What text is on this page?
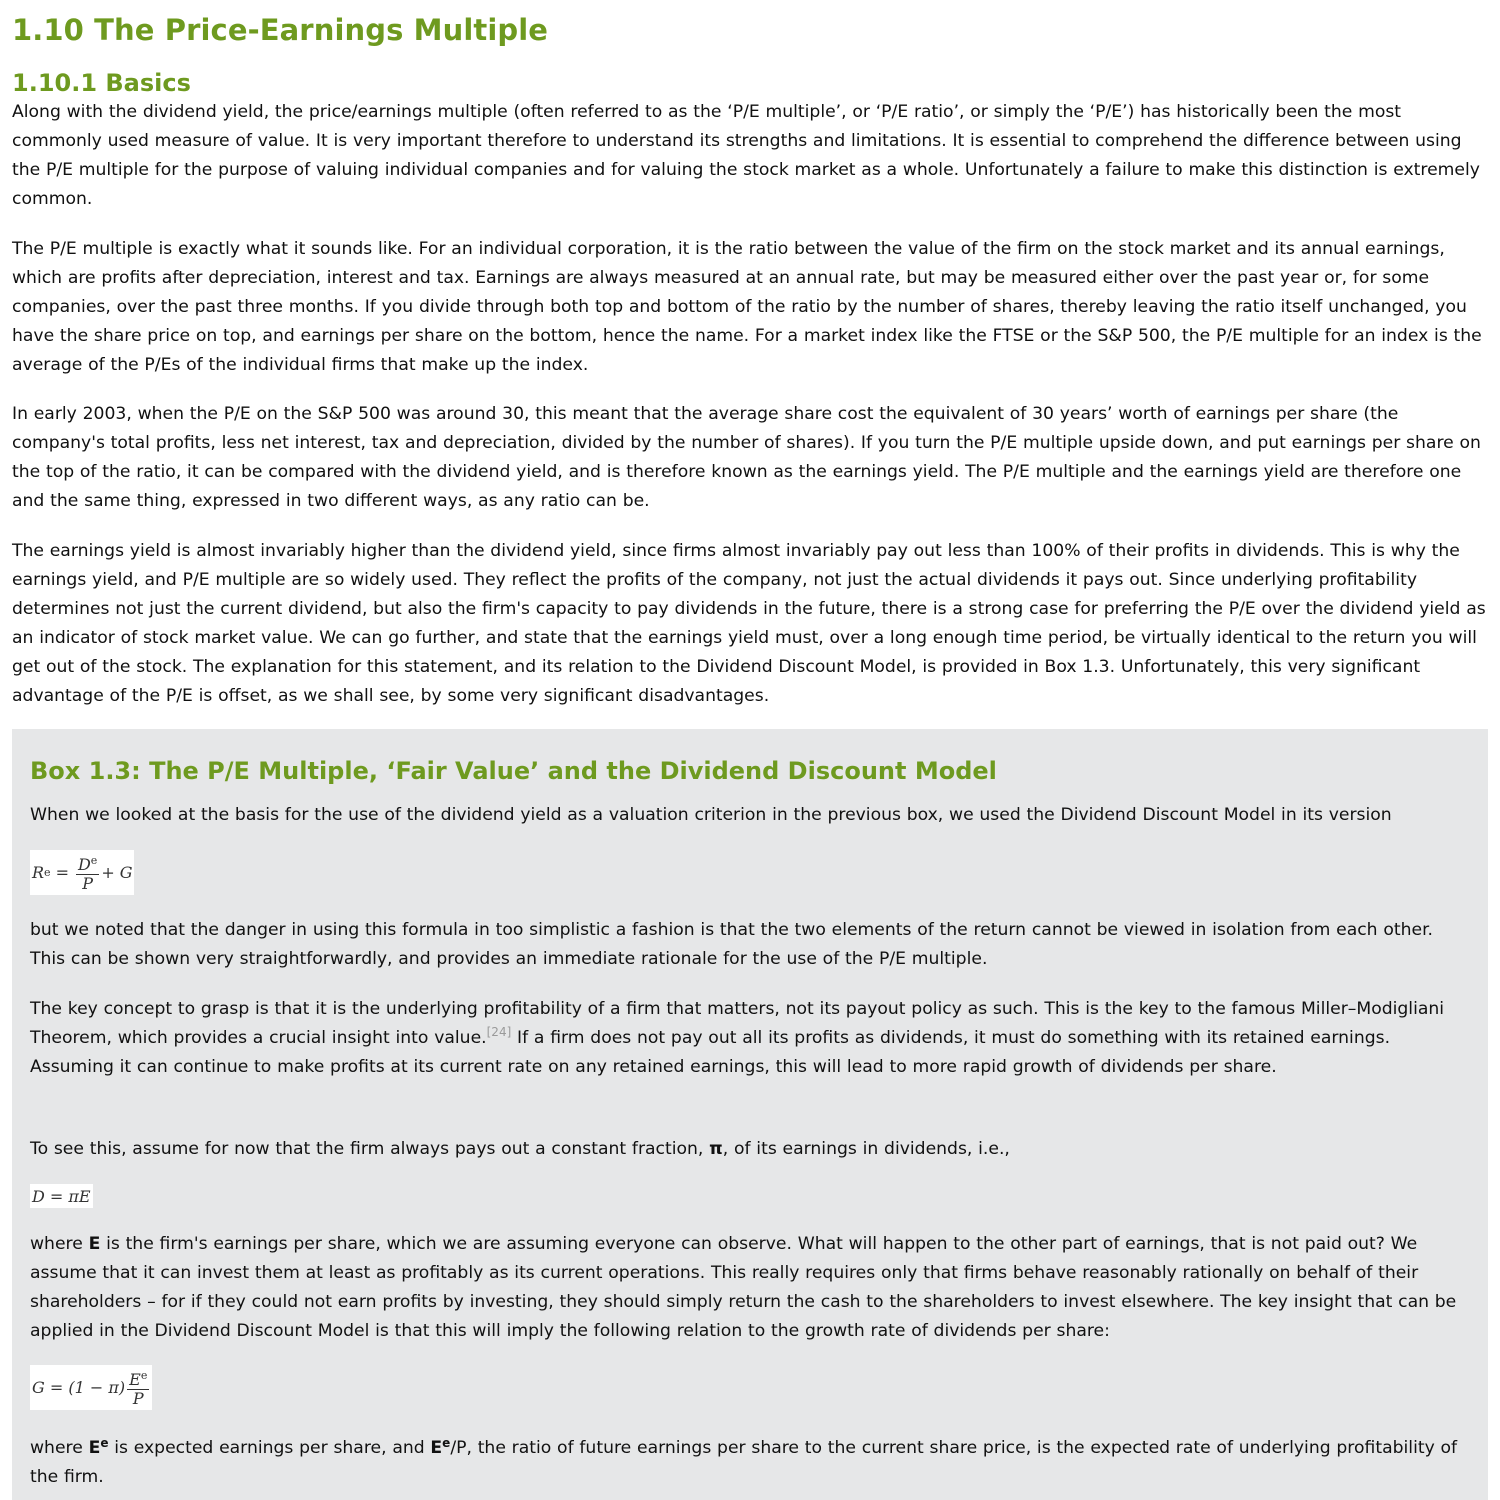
1.10 The Price-Earnings Multiple
1.10.1 Basics

Along with the dividend yield, the price/earnings multiple (often referred to as the ‘P/E multiple’, or ‘P/E ratio’, or simply the ‘P/E’) has historically been the most commonly used measure of value. It is very important therefore to understand its strengths and limitations. It is essential to comprehend the difference between using the P/E multiple for the purpose of valuing individual companies and for valuing the stock market as a whole. Unfortunately a failure to make this distinction is extremely common.

The P/E multiple is exactly what it sounds like. For an individual corporation, it is the ratio between the value of the firm on the stock market and its annual earnings, which are profits after depreciation, interest and tax. Earnings are always measured at an annual rate, but may be measured either over the past year or, for some companies, over the past three months. If you divide through both top and bottom of the ratio by the number of shares, thereby leaving the ratio itself unchanged, you have the share price on top, and earnings per share on the bottom, hence the name. For a market index like the FTSE or the S&P 500, the P/E multiple for an index is the average of the P/Es of the individual firms that make up the index.

In early 2003, when the P/E on the S&P 500 was around 30, this meant that the average share cost the equivalent of 30 years’ worth of earnings per share (the company's total profits, less net interest, tax and depreciation, divided by the number of shares). If you turn the P/E multiple upside down, and put earnings per share on the top of the ratio, it can be compared with the dividend yield, and is therefore known as the earnings yield. The P/E multiple and the earnings yield are therefore one and the same thing, expressed in two different ways, as any ratio can be.

The earnings yield is almost invariably higher than the dividend yield, since firms almost invariably pay out less than 100% of their profits in dividends. This is why the earnings yield, and P/E multiple are so widely used. They reflect the profits of the company, not just the actual dividends it pays out. Since underlying profitability determines not just the current dividend, but also the firm's capacity to pay dividends in the future, there is a strong case for preferring the P/E over the dividend yield as an indicator of stock market value. We can go further, and state that the earnings yield must, over a long enough time period, be virtually identical to the return you will get out of the stock. The explanation for this statement, and its relation to the Dividend Discount Model, is provided in Box 1.3. Unfortunately, this very significant advantage of the P/E is offset, as we shall see, by some very significant disadvantages.

Box 1.3: The P/E Multiple, ‘Fair Value’ and the Dividend Discount Model

When we looked at the basis for the use of the dividend yield as a valuation criterion in the previous box, we used the Dividend Discount Model in its version

R $e = \frac{D^e}{P} + G$

but we noted that the danger in using this formula in too simplistic a fashion is that the two elements of the return cannot be viewed in isolation from each other. This can be shown very straightforwardly, and provides an immediate rationale for the use of the P/E multiple.

The key concept to grasp is that it is the underlying profitability of a firm that matters, not its payout policy as such. This is the key to the famous Miller–Modigliani Theorem, which provides a crucial insight into value.[24] If a firm does not pay out all its profits as dividends, it must do something with its retained earnings. Assuming it can continue to make profits at its current rate on any retained earnings, this will lead to more rapid growth of dividends per share.

To see this, assume for now that the firm always pays out a constant fraction, π, of its earnings in dividends, i.e.,

D = πE

where E is the firm's earnings per share, which we are assuming everyone can observe. What will happen to the other part of earnings, that is not paid out? We assume that it can invest them at least as profitably as its current operations. This really requires only that firms behave reasonably rationally on behalf of their shareholders – for if they could not earn profits by investing, they should simply return the cash to the shareholders to invest elsewhere. The key insight that can be applied in the Dividend Discount Model is that this will imply the following relation to the growth rate of dividends per share:

$G = (1 - \pi) \frac{E^e}{P}$

where $E^e$ is expected earnings per share, and $E^e/P$, the ratio of future earnings per share to the current share price, is the expected rate of underlying profitability of the firm.
